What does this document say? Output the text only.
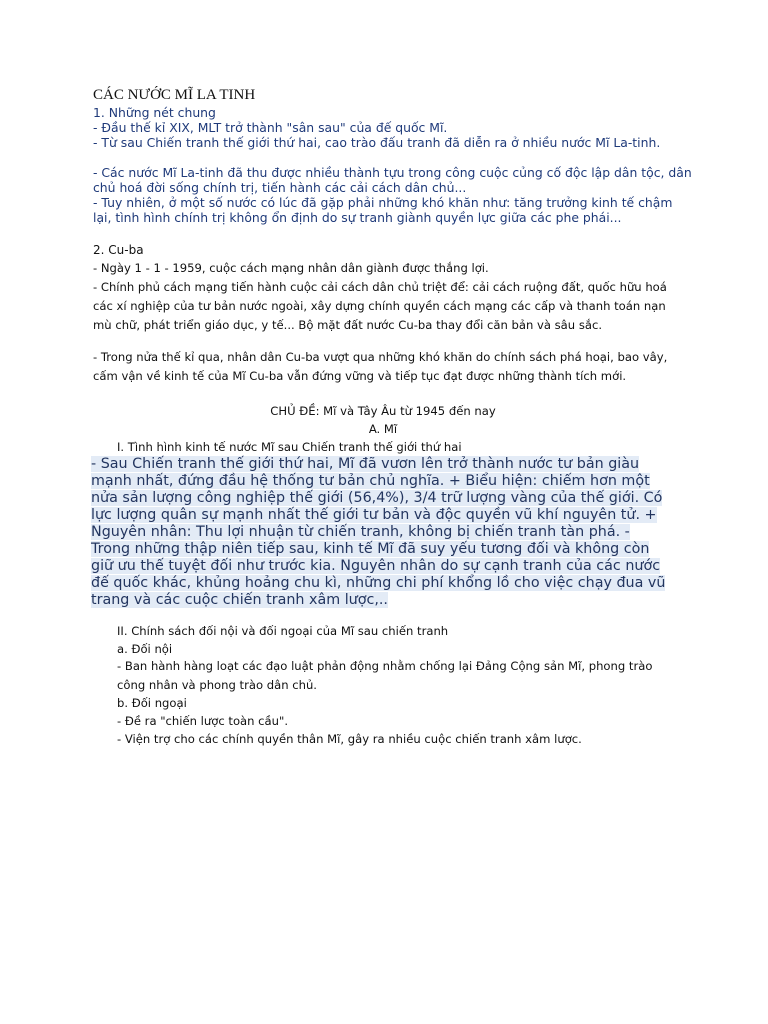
CÁC NƯỚC MĨ LA TINH
1. Những nét chung
- Đầu thế kỉ XIX, MLT trở thành "sân sau" của đế quốc Mĩ.
- Từ sau Chiến tranh thế giới thứ hai, cao trào đấu tranh đã diễn ra ở nhiều nước Mĩ La-tinh.
- Các nước Mĩ La-tinh đã thu được nhiều thành tựu trong công cuộc củng cố độc lập dân tộc, dân chủ hoá đời sống chính trị, tiến hành các cải cách dân chủ...
- Tuy nhiên, ở một số nước có lúc đã gặp phải những khó khăn như: tăng trưởng kinh tế chậm lại, tình hình chính trị không ổn định do sự tranh giành quyền lực giữa các phe phái...
2. Cu-ba
- Ngày 1 - 1 - 1959, cuộc cách mạng nhân dân giành được thắng lợi.
- Chính phủ cách mạng tiến hành cuộc cải cách dân chủ triệt để: cải cách ruộng đất, quốc hữu hoá các xí nghiệp của tư bản nước ngoài, xây dựng chính quyền cách mạng các cấp và thanh toán nạn mù chữ, phát triển giáo dục, y tế... Bộ mặt đất nước Cu-ba thay đổi căn bản và sâu sắc.
- Trong nửa thế kỉ qua, nhân dân Cu-ba vượt qua những khó khăn do chính sách phá hoại, bao vây, cấm vận về kinh tế của Mĩ Cu-ba vẫn đứng vững và tiếp tục đạt được những thành tích mới.
CHỦ ĐỀ: Mĩ và Tây Âu từ 1945 đến nay
A. Mĩ
I. Tình hình kinh tế nước Mĩ sau Chiến tranh thế giới thứ hai
- Sau Chiến tranh thế giới thứ hai, Mĩ đã vươn lên trở thành nước tư bản giàu mạnh nhất, đứng đầu hệ thống tư bản chủ nghĩa. + Biểu hiện: chiếm hơn một nửa sản lượng công nghiệp thế giới (56,4%), 3/4 trữ lượng vàng của thế giới. Có lực lượng quân sự mạnh nhất thế giới tư bản và độc quyền vũ khí nguyên tử. + Nguyên nhân: Thu lợi nhuận từ chiến tranh, không bị chiến tranh tàn phá. - Trong những thập niên tiếp sau, kinh tế Mĩ đã suy yếu tương đối và không còn giữ ưu thế tuyệt đối như trước kia. Nguyên nhân do sự cạnh tranh của các nước đế quốc khác, khủng hoảng chu kì, những chi phí khổng lồ cho việc chạy đua vũ trang và các cuộc chiến tranh xâm lược,..
II. Chính sách đối nội và đối ngoại của Mĩ sau chiến tranh
a. Đối nội
- Ban hành hàng loạt các đạo luật phản động nhằm chống lại Đảng Cộng sản Mĩ, phong trào công nhân và phong trào dân chủ.
b. Đối ngoại
- Đề ra "chiến lược toàn cầu".
- Viện trợ cho các chính quyền thân Mĩ, gây ra nhiều cuộc chiến tranh xâm lược.
